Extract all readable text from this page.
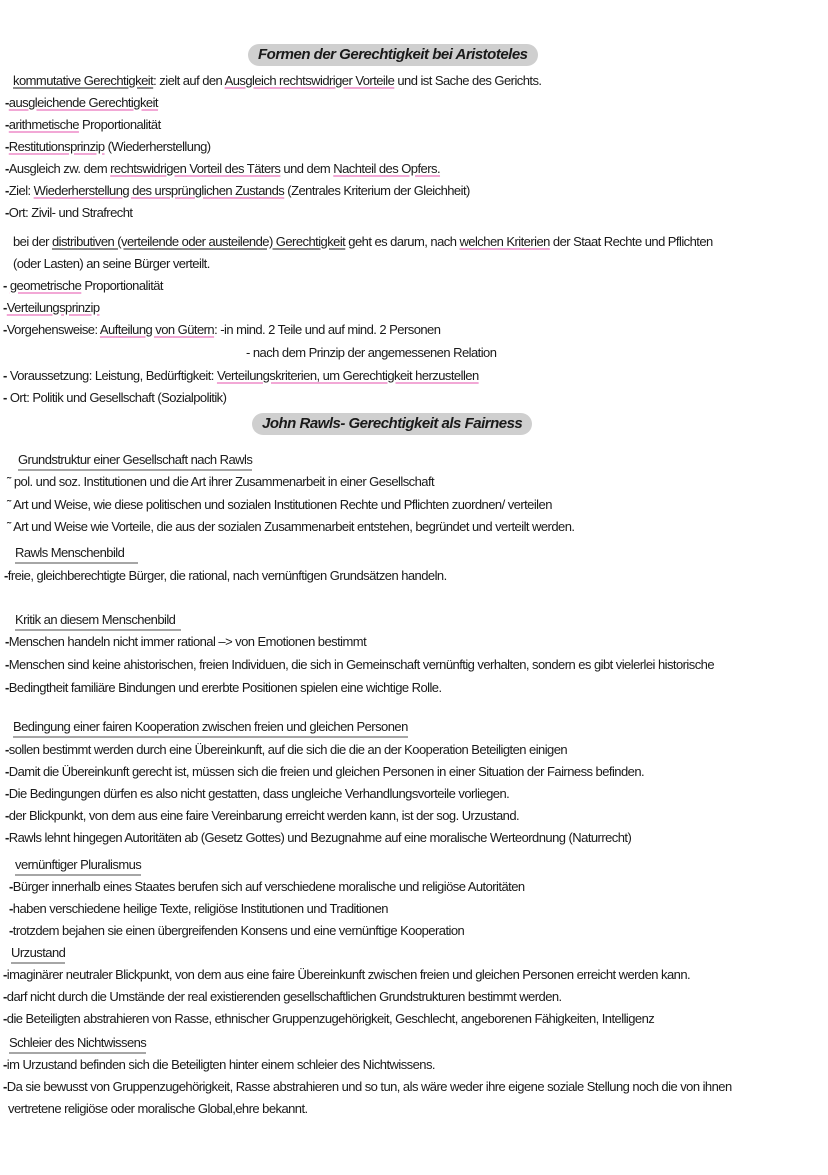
Formen der Gerechtigkeit bei Aristoteles
kommutative Gerechtigkeit: zielt auf den Ausgleich rechtswidriger Vorteile und ist Sache des Gerichts.
-ausgleichende Gerechtigkeit
-arithmetische Proportionalität
-Restitutionsprinzip (Wiederherstellung)
-Ausgleich zw. dem rechtswidrigen Vorteil des Täters und dem Nachteil des Opfers.
-Ziel: Wiederherstellung des ursprünglichen Zustands (Zentrales Kriterium der Gleichheit)
-Ort: Zivil- und Strafrecht
bei der distributiven (verteilende oder austeilende) Gerechtigkeit geht es darum, nach welchen Kriterien der Staat Rechte und Pflichten
(oder Lasten) an seine Bürger verteilt.
- geometrische Proportionalität
-Verteilungsprinzip
-Vorgehensweise: Aufteilung von Gütern: -in mind. 2 Teile und auf mind. 2 Personen
- nach dem Prinzip der angemessenen Relation
- Voraussetzung: Leistung, Bedürftigkeit: Verteilungskriterien, um Gerechtigkeit herzustellen
- Ort: Politik und Gesellschaft (Sozialpolitik)
John Rawls- Gerechtigkeit als Fairness
Grundstruktur einer Gesellschaft nach Rawls
˜ pol. und soz. Institutionen und die Art ihrer Zusammenarbeit in einer Gesellschaft
˜ Art und Weise, wie diese politischen und sozialen Institutionen Rechte und Pflichten zuordnen/ verteilen
˜ Art und Weise wie Vorteile, die aus der sozialen Zusammenarbeit entstehen, begründet und verteilt werden.
Rawls Menschenbild
-freie, gleichberechtigte Bürger, die rational, nach vernünftigen Grundsätzen handeln.
Kritik an diesem Menschenbild
-Menschen handeln nicht immer rational –> von Emotionen bestimmt
-Menschen sind keine ahistorischen, freien Individuen, die sich in Gemeinschaft vernünftig verhalten, sondern es gibt vielerlei historische
-Bedingtheit familiäre Bindungen und ererbte Positionen spielen eine wichtige Rolle.
Bedingung einer fairen Kooperation zwischen freien und gleichen Personen
-sollen bestimmt werden durch eine Übereinkunft, auf die sich die die an der Kooperation Beteiligten einigen
-Damit die Übereinkunft gerecht ist, müssen sich die freien und gleichen Personen in einer Situation der Fairness befinden.
-Die Bedingungen dürfen es also nicht gestatten, dass ungleiche Verhandlungsvorteile vorliegen.
-der Blickpunkt, von dem aus eine faire Vereinbarung erreicht werden kann, ist der sog. Urzustand.
-Rawls lehnt hingegen Autoritäten ab (Gesetz Gottes) und Bezugnahme auf eine moralische Werteordnung (Naturrecht)
vernünftiger Pluralismus
-Bürger innerhalb eines Staates berufen sich auf verschiedene moralische und religiöse Autoritäten
-haben verschiedene heilige Texte, religiöse Institutionen und Traditionen
-trotzdem bejahen sie einen übergreifenden Konsens und eine vernünftige Kooperation
Urzustand
-imaginärer neutraler Blickpunkt, von dem aus eine faire Übereinkunft zwischen freien und gleichen Personen erreicht werden kann.
-darf nicht durch die Umstände der real existierenden gesellschaftlichen Grundstrukturen bestimmt werden.
-die Beteiligten abstrahieren von Rasse, ethnischer Gruppenzugehörigkeit, Geschlecht, angeborenen Fähigkeiten, Intelligenz
Schleier des Nichtwissens
-im Urzustand befinden sich die Beteiligten hinter einem schleier des Nichtwissens.
-Da sie bewusst von Gruppenzugehörigkeit, Rasse abstrahieren und so tun, als wäre weder ihre eigene soziale Stellung noch die von ihnen
vertretene religiöse oder moralische Global,ehre bekannt.
